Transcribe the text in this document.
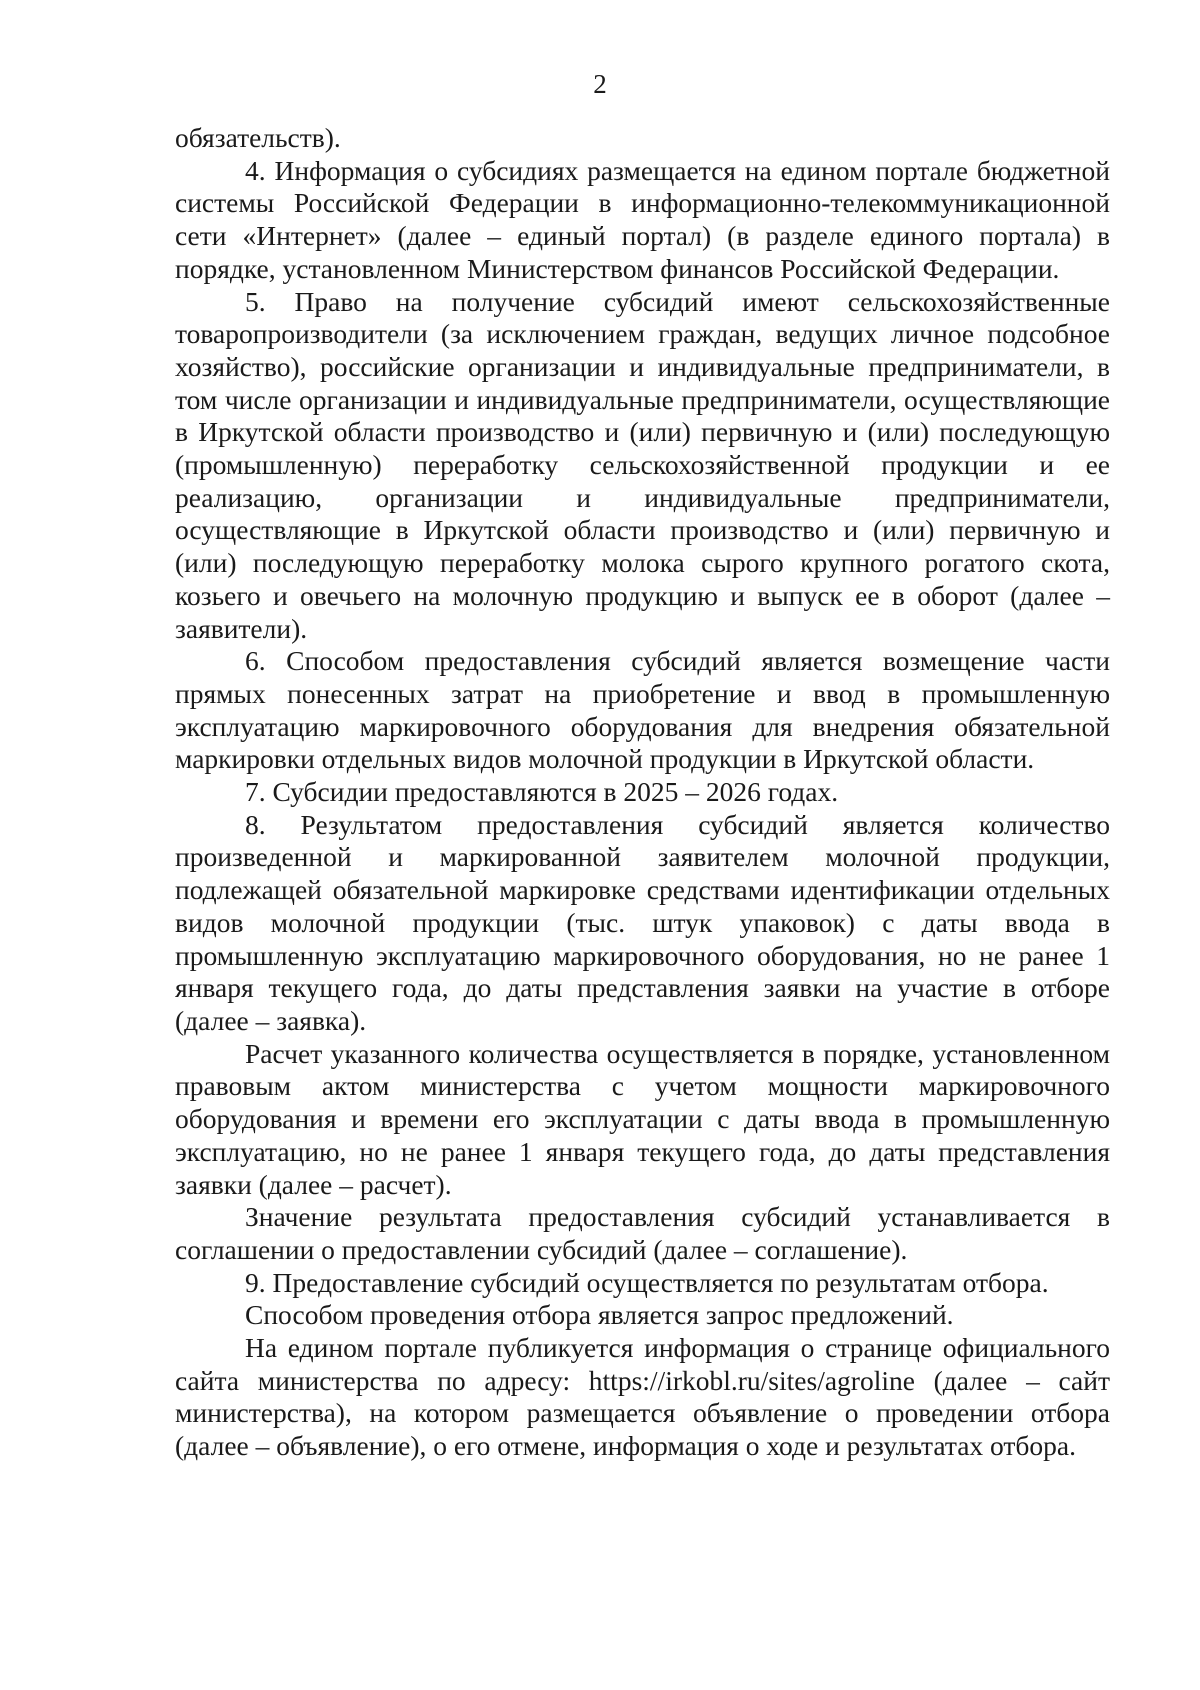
2

обязательств).

4. Информация о субсидиях размещается на едином портале бюджетной системы Российской Федерации в информационно-телекоммуникационной сети «Интернет» (далее – единый портал) (в разделе единого портала) в порядке, установленном Министерством финансов Российской Федерации.

5. Право на получение субсидий имеют сельскохозяйственные товаропроизводители (за исключением граждан, ведущих личное подсобное хозяйство), российские организации и индивидуальные предприниматели, в том числе организации и индивидуальные предприниматели, осуществляющие в Иркутской области производство и (или) первичную и (или) последующую (промышленную) переработку сельскохозяйственной продукции и ее реализацию, организации и индивидуальные предприниматели, осуществляющие в Иркутской области производство и (или) первичную и (или) последующую переработку молока сырого крупного рогатого скота, козьего и овечьего на молочную продукцию и выпуск ее в оборот (далее – заявители).

6. Способом предоставления субсидий является возмещение части прямых понесенных затрат на приобретение и ввод в промышленную эксплуатацию маркировочного оборудования для внедрения обязательной маркировки отдельных видов молочной продукции в Иркутской области.

7. Субсидии предоставляются в 2025 – 2026 годах.

8. Результатом предоставления субсидий является количество произведенной и маркированной заявителем молочной продукции, подлежащей обязательной маркировке средствами идентификации отдельных видов молочной продукции (тыс. штук упаковок) с даты ввода в промышленную эксплуатацию маркировочного оборудования, но не ранее 1 января текущего года, до даты представления заявки на участие в отборе (далее – заявка).

Расчет указанного количества осуществляется в порядке, установленном правовым актом министерства с учетом мощности маркировочного оборудования и времени его эксплуатации с даты ввода в промышленную эксплуатацию, но не ранее 1 января текущего года, до даты представления заявки (далее – расчет).

Значение результата предоставления субсидий устанавливается в соглашении о предоставлении субсидий (далее – соглашение).

9. Предоставление субсидий осуществляется по результатам отбора.

Способом проведения отбора является запрос предложений.

На едином портале публикуется информация о странице официального сайта министерства по адресу: https://irkobl.ru/sites/agroline (далее – сайт министерства), на котором размещается объявление о проведении отбора (далее – объявление), о его отмене, информация о ходе и результатах отбора.
